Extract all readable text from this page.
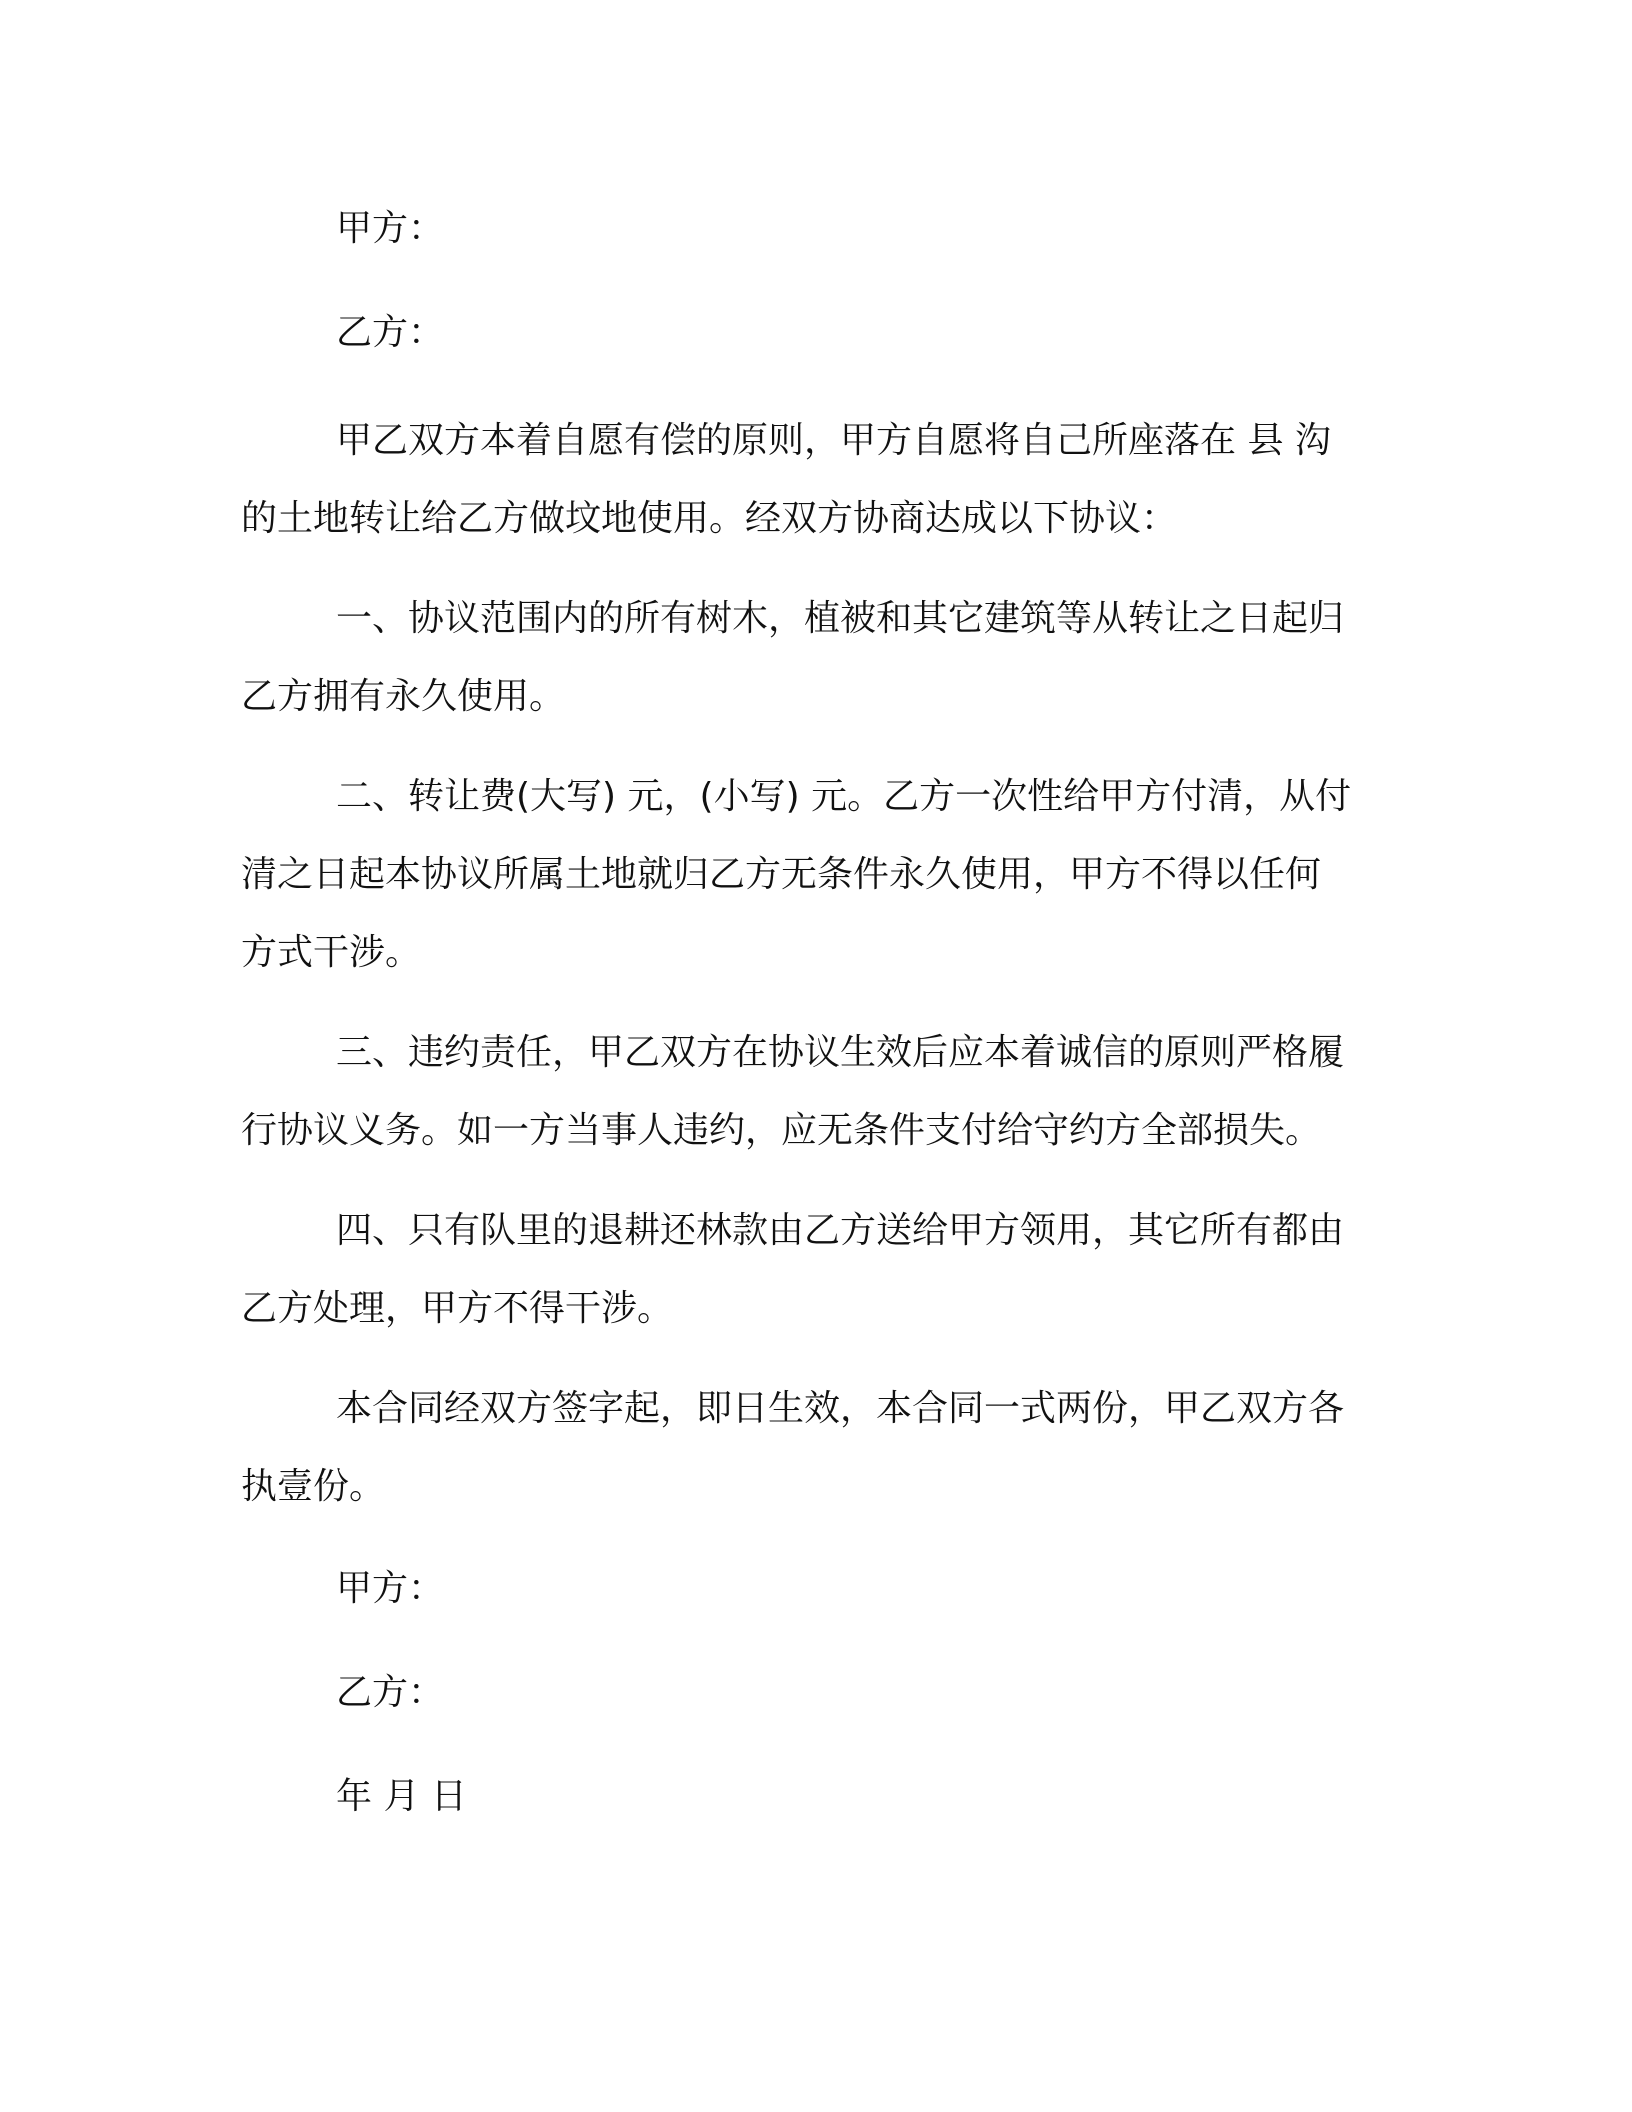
甲方：
乙方：
甲乙双方本着自愿有偿的原则，甲方自愿将自己所座落在 县 沟
的土地转让给乙方做坟地使用。经双方协商达成以下协议：
一、协议范围内的所有树木，植被和其它建筑等从转让之日起归
乙方拥有永久使用。
二、转让费(大写) 元，(小写) 元。乙方一次性给甲方付清，从付
清之日起本协议所属土地就归乙方无条件永久使用，甲方不得以任何
方式干涉。
三、违约责任，甲乙双方在协议生效后应本着诚信的原则严格履
行协议义务。如一方当事人违约，应无条件支付给守约方全部损失。
四、只有队里的退耕还林款由乙方送给甲方领用，其它所有都由
乙方处理，甲方不得干涉。
本合同经双方签字起，即日生效，本合同一式两份，甲乙双方各
执壹份。
甲方：
乙方：
年 月 日
